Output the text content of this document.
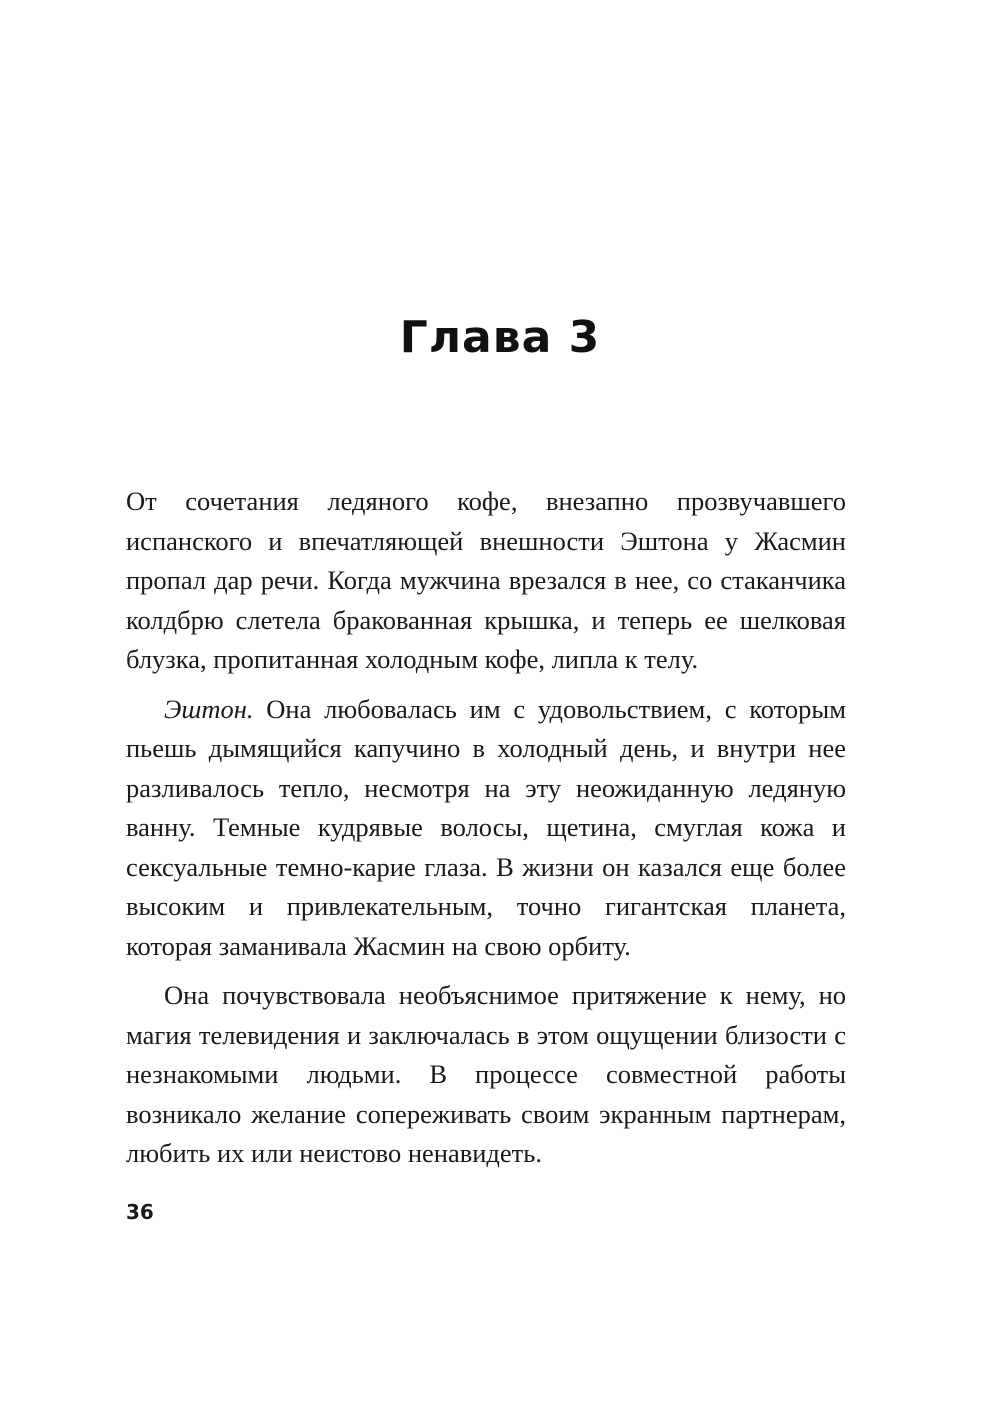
Глава 3

От сочетания ледяного кофе, внезапно прозвучавшего испанского и впечатляющей внешности Эштона у Жасмин пропал дар речи. Когда мужчина врезался в нее, со стаканчика колдбрю слетела бракованная крышка, и теперь ее шелковая блузка, пропитанная холодным кофе, липла к телу.

Эштон. Она любовалась им с удовольствием, с которым пьешь дымящийся капучино в холодный день, и внутри нее разливалось тепло, несмотря на эту неожиданную ледяную ванну. Темные кудрявые волосы, щетина, смуглая кожа и сексуальные темно-карие глаза. В жизни он казался еще более высоким и привлекательным, точно гигантская планета, которая заманивала Жасмин на свою орбиту.

Она почувствовала необъяснимое притяжение к нему, но магия телевидения и заключалась в этом ощущении близости с незнакомыми людьми. В процессе совместной работы возникало желание сопереживать своим экранным партнерам, любить их или неистово ненавидеть.

36
